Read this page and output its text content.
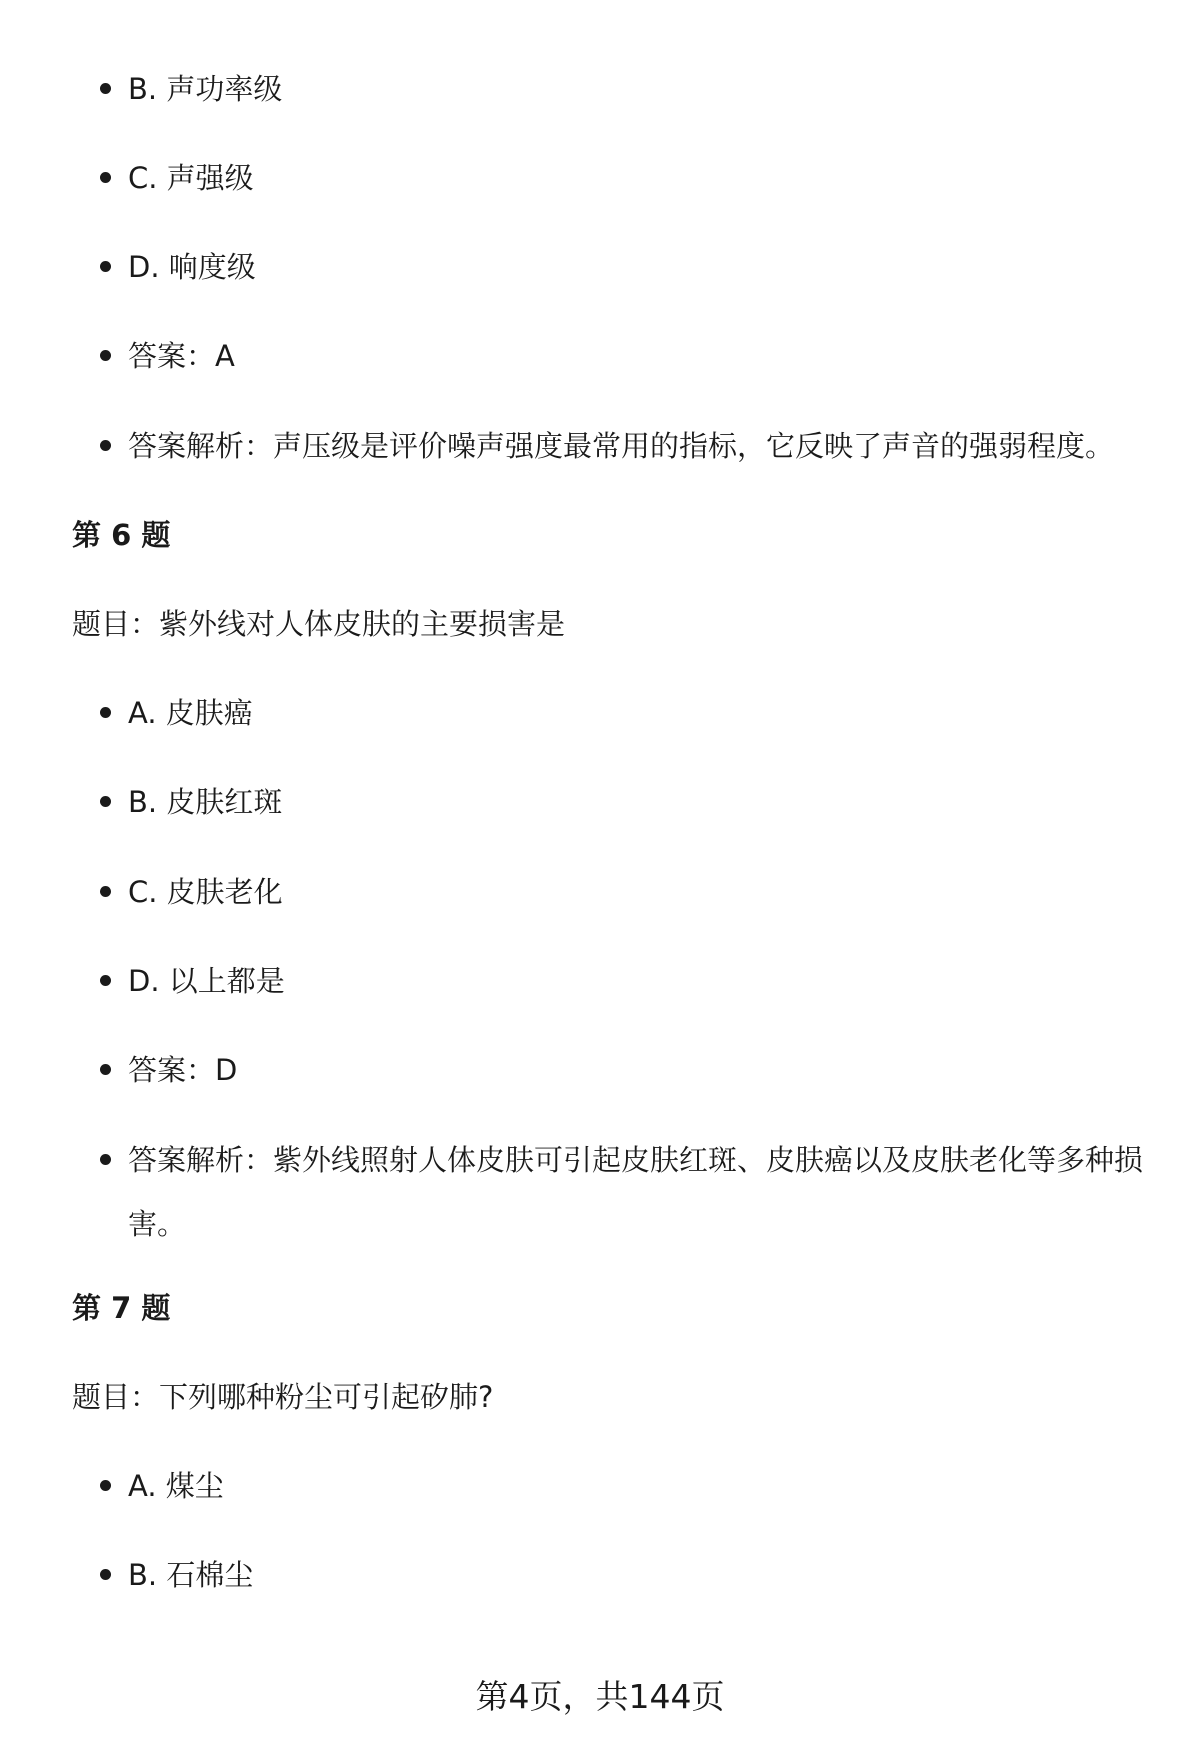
B. 声功率级
C. 声强级
D. 响度级
答案：A
答案解析：声压级是评价噪声强度最常用的指标，它反映了声音的强弱程度。
第 6 题
题目：紫外线对人体皮肤的主要损害是
A. 皮肤癌
B. 皮肤红斑
C. 皮肤老化
D. 以上都是
答案：D
答案解析：紫外线照射人体皮肤可引起皮肤红斑、皮肤癌以及皮肤老化等多种损害。
第 7 题
题目：下列哪种粉尘可引起矽肺?
A. 煤尘
B. 石棉尘
第4页，共144页
